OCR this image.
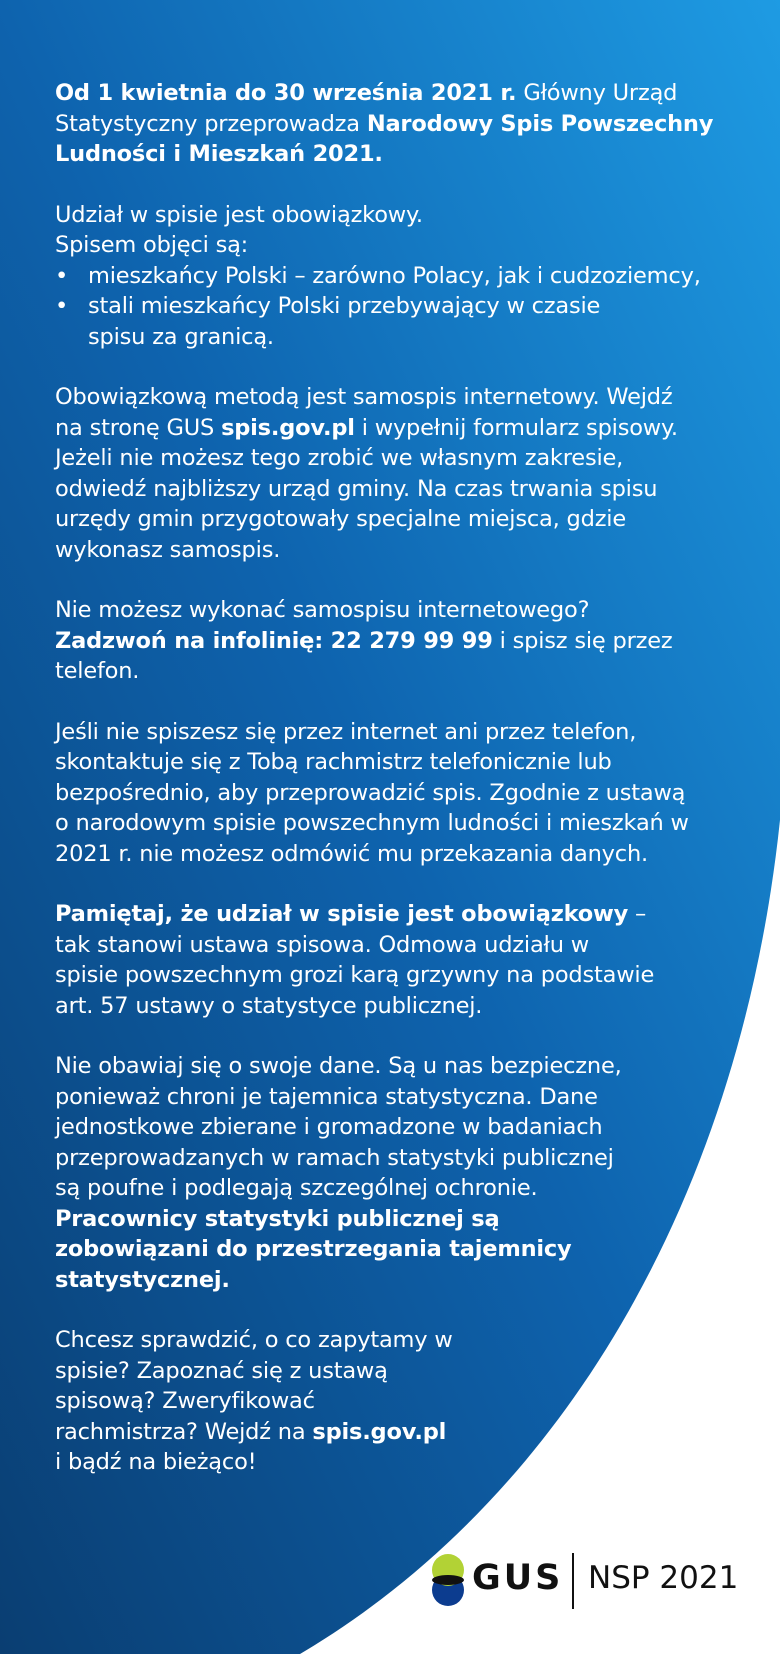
Od 1 kwietnia do 30 września 2021 r. Główny Urząd Statystyczny przeprowadza Narodowy Spis Powszechny Ludności i Mieszkań 2021.

Udział w spisie jest obowiązkowy.
Spisem objęci są:
• mieszkańcy Polski – zarówno Polacy, jak i cudzoziemcy,
• stali mieszkańcy Polski przebywający w czasie spisu za granicą.

Obowiązkową metodą jest samospis internetowy. Wejdź na stronę GUS spis.gov.pl i wypełnij formularz spisowy. Jeżeli nie możesz tego zrobić we własnym zakresie, odwiedź najbliższy urząd gminy. Na czas trwania spisu urzędy gmin przygotowały specjalne miejsca, gdzie wykonasz samospis.

Nie możesz wykonać samospisu internetowego?
Zadzwoń na infolinię: 22 279 99 99 i spisz się przez telefon.

Jeśli nie spiszesz się przez internet ani przez telefon, skontaktuje się z Tobą rachmistrz telefonicznie lub bezpośrednio, aby przeprowadzić spis. Zgodnie z ustawą o narodowym spisie powszechnym ludności i mieszkań w 2021 r. nie możesz odmówić mu przekazania danych.

Pamiętaj, że udział w spisie jest obowiązkowy – tak stanowi ustawa spisowa. Odmowa udziału w spisie powszechnym grozi karą grzywny na podstawie art. 57 ustawy o statystyce publicznej.

Nie obawiaj się o swoje dane. Są u nas bezpieczne, ponieważ chroni je tajemnica statystyczna. Dane jednostkowe zbierane i gromadzone w badaniach przeprowadzanych w ramach statystyki publicznej są poufne i podlegają szczególnej ochronie. Pracownicy statystyki publicznej są zobowiązani do przestrzegania tajemnicy statystycznej.

Chcesz sprawdzić, o co zapytamy w spisie? Zapoznać się z ustawą spisową? Zweryfikować rachmistrza? Wejdź na spis.gov.pl i bądź na bieżąco!

GUS NSP 2021
